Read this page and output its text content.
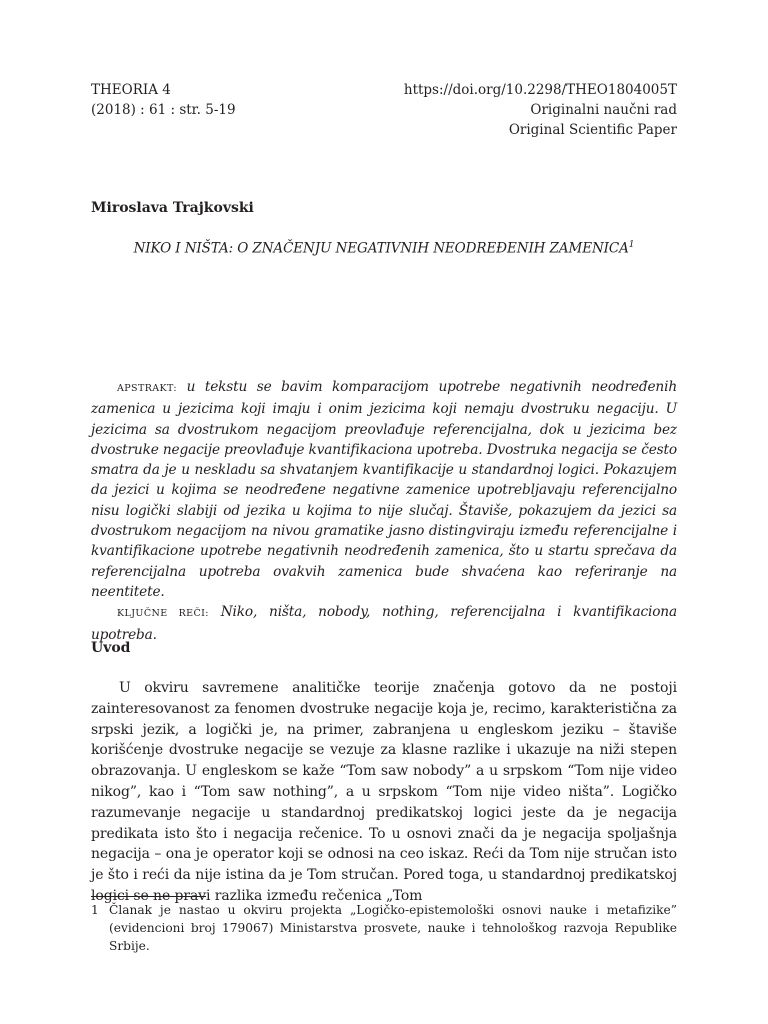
THEORIA 4
(2018) : 61 : str. 5-19
https://doi.org/10.2298/THEO1804005T
Originalni naučni rad
Original Scientific Paper
Miroslava Trajkovski
NIKO I NIŠTA: O ZNAČENJU NEGATIVNIH NEODREĐENIH ZAMENICA$^1$

APSTRAKT: u tekstu se bavim komparacijom upotrebe negativnih neodređenih zamenica u jezicima koji imaju i onim jezicima koji nemaju dvostruku negaciju. U jezicima sa dvostrukom negacijom preovlađuje referencijalna, dok u jezicima bez dvostruke negacije preovlađuje kvantifikaciona upotreba. Dvostruka negacija se često smatra da je u neskladu sa shvatanjem kvantifikacije u standardnoj logici. Pokazujem da jezici u kojima se neodređene negativne zamenice upotrebljavaju referencijalno nisu logički slabiji od jezika u kojima to nije slučaj. Štaviše, pokazujem da jezici sa dvostrukom negacijom na nivou gramatike jasno distingviraju između referencijalne i kvantifikacione upotrebe negativnih neodređenih zamenica, što u startu sprečava da referencijalna upotreba ovakvih zamenica bude shvaćena kao referiranje na neentitete.

KLJUČNE REČI: Niko, ništa, nobody, nothing, referencijalna i kvantifikaciona upotreba.

Uvod

U okviru savremene analitičke teorije značenja gotovo da ne postoji zainteresovanost za fenomen dvostruke negacije koja je, recimo, karakteristična za srpski jezik, a logički je, na primer, zabranjena u engleskom jeziku – štaviše korišćenje dvostruke negacije se vezuje za klasne razlike i ukazuje na niži stepen obrazovanja. U engleskom se kaže “Tom saw nobody” a u srpskom “Tom nije video nikog”, kao i “Tom saw nothing”, a u srpskom “Tom nije video ništa”. Logičko razumevanje negacije u standardnoj predikatskoj logici jeste da je negacija predikata isto što i negacija rečenice. To u osnovi znači da je negacija spoljašnja negacija – ona je operator koji se odnosi na ceo iskaz. Reći da Tom nije stručan isto je što i reći da nije istina da je Tom stručan. Pored toga, u standardnoj predikatskoj logici se ne pravi razlika između rečenica „Tom

1 Članak je nastao u okviru projekta „Logičko-epistemološki osnovi nauke i metafizike” (evidencioni broj 179067) Ministarstva prosvete, nauke i tehnološkog razvoja Republike Srbije.
